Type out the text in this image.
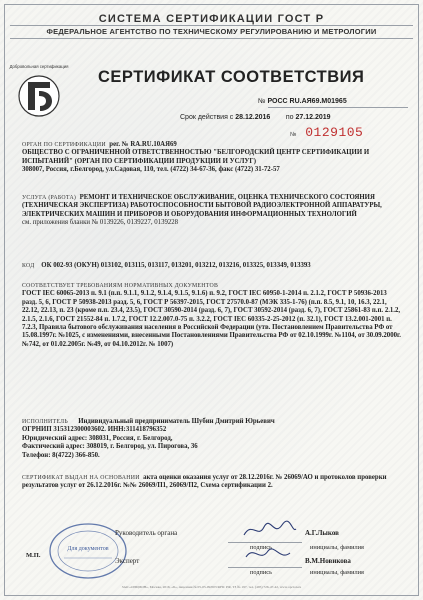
СИСТЕМА СЕРТИФИКАЦИИ ГОСТ Р
ФЕДЕРАЛЬНОЕ АГЕНТСТВО ПО ТЕХНИЧЕСКОМУ РЕГУЛИРОВАНИЮ И МЕТРОЛОГИИ
Добровольная сертификация
СЕРТИФИКАТ СООТВЕТСТВИЯ
№ РОСС RU.АЯ69.М01965
Срок действия с 28.12.2016 по 27.12.2019
№ 0129105
ОРГАН ПО СЕРТИФИКАЦИИ рег. № RA.RU.10АЯ69
ОБЩЕСТВО С ОГРАНИЧЕННОЙ ОТВЕТСТВЕННОСТЬЮ "БЕЛГОРОДСКИЙ ЦЕНТР СЕРТИФИКАЦИИ И ИСПЫТАНИЙ" (ОРГАН ПО СЕРТИФИКАЦИИ ПРОДУКЦИИ И УСЛУГ)
308007, Россия, г.Белгород, ул.Садовая, 110, тел. (4722) 34-67-36, факс (4722) 31-72-57
УСЛУГА (РАБОТА) РЕМОНТ И ТЕХНИЧЕСКОЕ ОБСЛУЖИВАНИЕ, ОЦЕНКА ТЕХНИЧЕСКОГО СОСТОЯНИЯ (ТЕХНИЧЕСКАЯ ЭКСПЕРТИЗА) РАБОТОСПОСОБНОСТИ БЫТОВОЙ РАДИОЭЛЕКТРОННОЙ АППАРАТУРЫ, ЭЛЕКТРИЧЕСКИХ МАШИН И ПРИБОРОВ И ОБОРУДОВАНИЯ ИНФОРМАЦИОННЫХ ТЕХНОЛОГИЙ
см. приложения бланки № 0139226, 0139227, 0139228
КОД ОК 002-93 (ОКУН) 013102, 013115, 013117, 013201, 013212, 013216, 013325, 013349, 013393
СООТВЕТСТВУЕТ ТРЕБОВАНИЯМ НОРМАТИВНЫХ ДОКУМЕНТОВ
ГОСТ IEC 60065-2013 п. 9.1 (п.п. 9.1.1, 9.1.2, 9.1.4, 9.1.5, 9.1.6) п. 9.2, ГОСТ IEC 60950-1-2014 п. 2.1.2, ГОСТ Р 50936-2013 разд. 5, 6, ГОСТ Р 50938-2013 разд. 5, 6, ГОСТ Р 56397-2015, ГОСТ 27570.0-87 (МЭК 335-1-76) (п.п. 8.5, 9.1, 10, 16.3, 22.1, 22.12, 22.13, п. 23 (кроме п.п. 23.4, 23.5), ГОСТ 30590-2014 (разд. 6, 7), ГОСТ 30592-2014 (разд. 6, 7), ГОСТ 25861-83 п.п. 2.1.2, 2.1.5, 2.1.6, ГОСТ 21552-84 п. 1.7.2, ГОСТ 12.2.007.0-75 п. 3.2.2, ГОСТ IEC 60335-2-25-2012 (п. 32.1), ГОСТ 13.2.001-2001 п. 7.2.3, Правила бытового обслуживания населения в Российской Федерации (утв. Постановлением Правительства РФ от 15.08.1997г. №1025, с изменениями, внесенными Постановлениями Правительства РФ от 02.10.1999г. №1104, от 30.09.2000г. №742, от 01.02.2005г. №49, от 04.10.2012г. № 1007)
ИСПОЛНИТЕЛЬ Индивидуальный предприниматель Шубин Дмитрий Юрьевич
ОГРНИП 315312300003602. ИНН:311418796352
Юридический адрес: 308031, Россия, г. Белгород,
Фактический адрес: 308019, г. Белгород, ул. Пирогова, 36
Телефон: 8(4722) 366-850.
СЕРТИФИКАТ ВЫДАН НА ОСНОВАНИИ акта оценки оказания услуг от 28.12.2016г. № 26069/АО и протоколов проверки результатов услуг от 26.12.2016г. №№ 26069/П1, 26069/П2, Схема сертификации 2.
Для документов
М.П.
Руководитель органа
подпись
А.Г.Лыков
инициалы, фамилия
Эксперт
подпись
В.М.Новикова
инициалы, фамилия
ЗАО «ОПЦИОН», Москва, 2016, «Б», лицензия № 05-05-09/003 ФНС РФ, ТЗ № 197, тел. (495) 726-47-42, www.opcion.ru
